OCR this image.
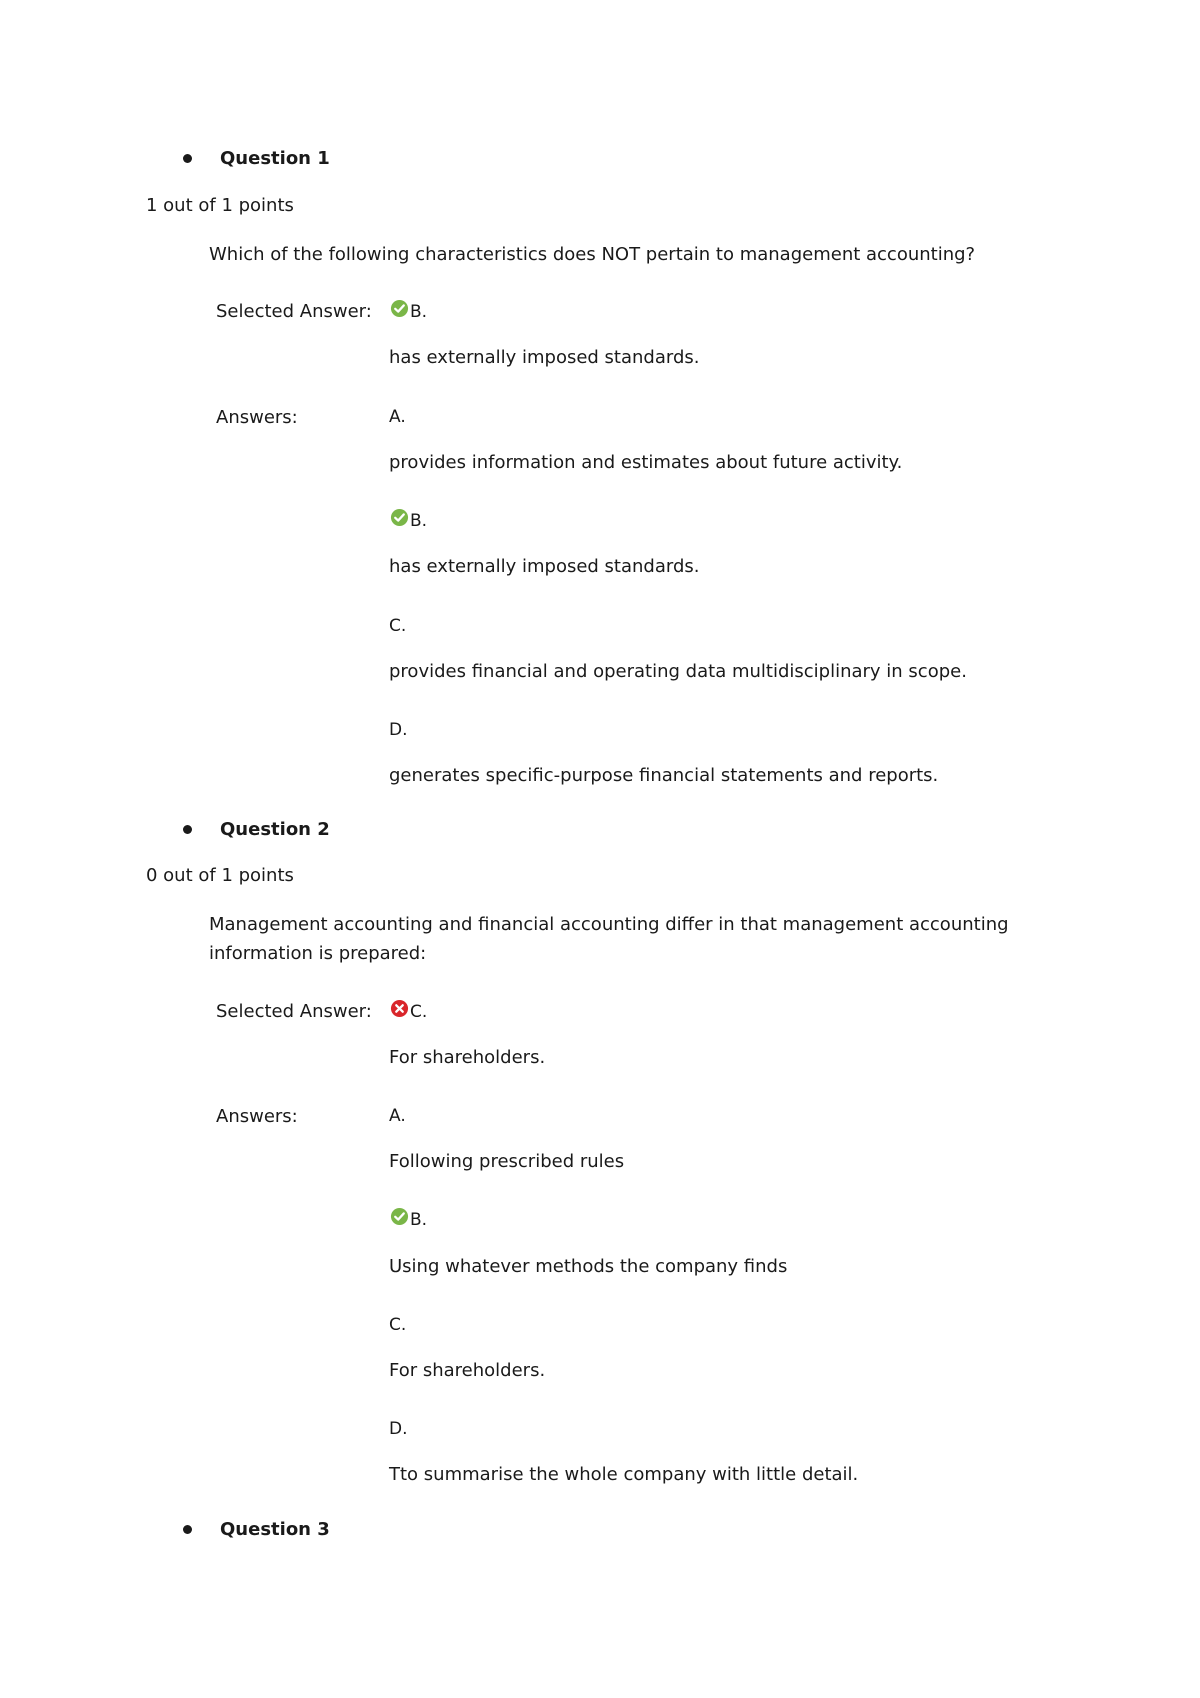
Question 1
1 out of 1 points
Which of the following characteristics does NOT pertain to management accounting?
Selected Answer: B.
has externally imposed standards.
Answers:	A.
provides information and estimates about future activity.
B.
has externally imposed standards.
C.
provides financial and operating data multidisciplinary in scope.
D.
generates specific-purpose financial statements and reports.
Question 2
0 out of 1 points
Management accounting and financial accounting differ in that management accounting
information is prepared:
Selected Answer: C.
For shareholders.
Answers:	A.
Following prescribed rules
B.
Using whatever methods the company finds
C.
For shareholders.
D.
Tto summarise the whole company with little detail.
Question 3
